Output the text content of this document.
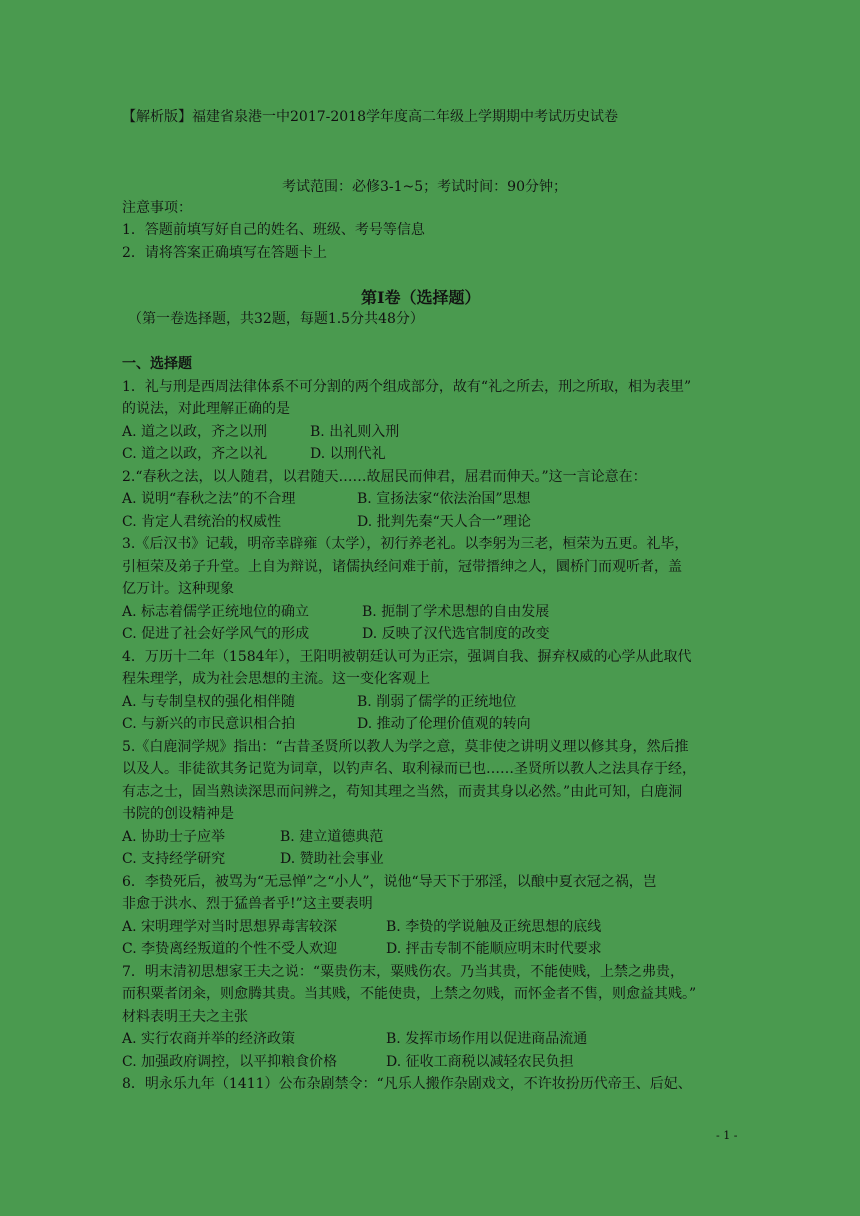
【解析版】福建省泉港一中2017-2018学年度高二年级上学期期中考试历史试卷
考试范围：必修3-1~5；考试时间：90分钟；
注意事项：
1．答题前填写好自己的姓名、班级、考号等信息
2．请将答案正确填写在答题卡上
第Ⅰ卷（选择题）
（第一卷选择题，共32题，每题1.5分共48分）
一、选择题
1．礼与刑是西周法律体系不可分割的两个组成部分，故有“礼之所去，刑之所取，相为表里”
的说法，对此理解正确的是
A. 道之以政，齐之以刑	B. 出礼则入刑
C. 道之以政，齐之以礼	D. 以刑代礼
2.“春秋之法，以人随君，以君随天……故屈民而伸君，屈君而伸天。”这一言论意在：
A. 说明“春秋之法”的不合理	B. 宣扬法家“依法治国”思想
C. 肯定人君统治的权威性	D. 批判先秦“天人合一”理论
3.《后汉书》记载，明帝幸辟雍（太学），初行养老礼。以李躬为三老，桓荣为五更。礼毕，
引桓荣及弟子升堂。上自为辩说，诸儒执经问难于前，冠带搢绅之人，圜桥门而观听者，盖
亿万计。这种现象
A. 标志着儒学正统地位的确立	B. 扼制了学术思想的自由发展
C. 促进了社会好学风气的形成	D. 反映了汉代选官制度的改变
4．万历十二年（1584年），王阳明被朝廷认可为正宗，强调自我、摒弃权威的心学从此取代
程朱理学，成为社会思想的主流。这一变化客观上
A. 与专制皇权的强化相伴随	B. 削弱了儒学的正统地位
C. 与新兴的市民意识相合拍	D. 推动了伦理价值观的转向
5.《白鹿洞学规》指出：“古昔圣贤所以教人为学之意，莫非使之讲明义理以修其身，然后推
以及人。非徒欲其务记览为词章，以钓声名、取利禄而已也……圣贤所以教人之法具存于经，
有志之士，固当熟读深思而问辨之，苟知其理之当然，而责其身以必然。”由此可知，白鹿洞
书院的创设精神是
A. 协助士子应举	B. 建立道德典范
C. 支持经学研究	D. 赞助社会事业
6．李贽死后，被骂为“无忌惮”之“小人”，说他“导天下于邪淫，以酿中夏衣冠之祸，岂
非愈于洪水、烈于猛兽者乎!”这主要表明
A. 宋明理学对当时思想界毒害较深	B. 李贽的学说触及正统思想的底线
C. 李贽离经叛道的个性不受人欢迎	D. 抨击专制不能顺应明末时代要求
7．明末清初思想家王夫之说：“粟贵伤末，粟贱伤农。乃当其贵，不能使贱，上禁之弗贵，
而积粟者闭籴，则愈腾其贵。当其贱，不能使贵，上禁之勿贱，而怀金者不售，则愈益其贱。”
材料表明王夫之主张
A. 实行农商并举的经济政策	B. 发挥市场作用以促进商品流通
C. 加强政府调控，以平抑粮食价格	D. 征收工商税以减轻农民负担
8．明永乐九年（1411）公布杂剧禁令：“凡乐人搬作杂剧戏文，不许妆扮历代帝王、后妃、
- 1 -
